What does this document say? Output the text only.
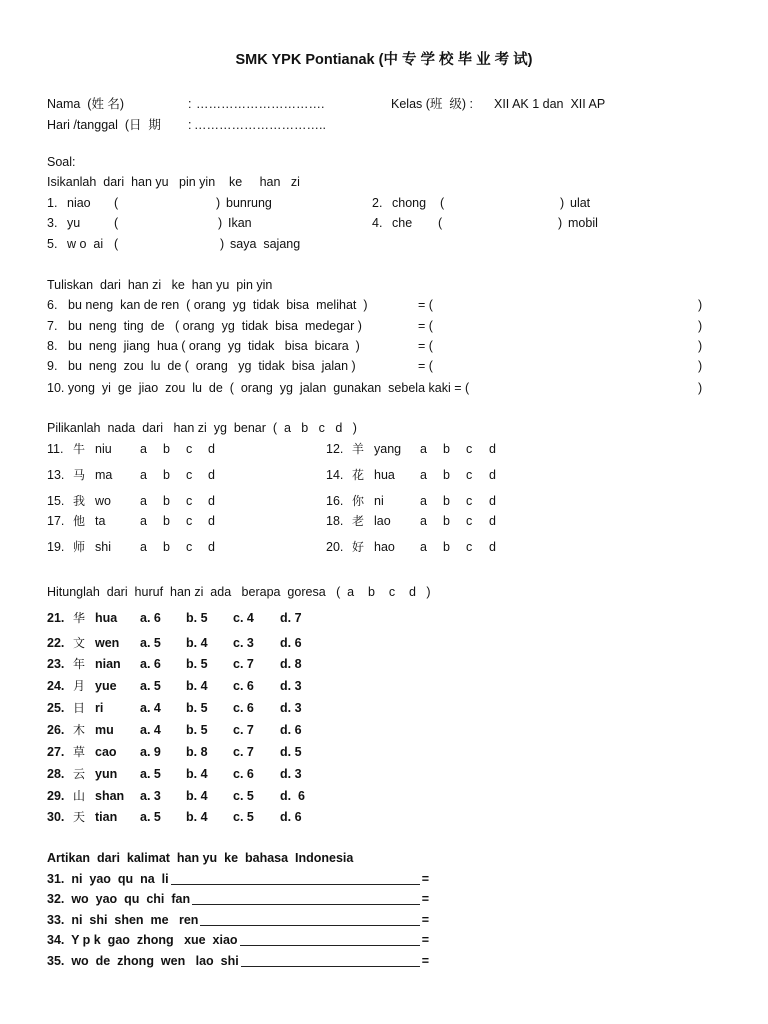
SMK YPK Pontianak (中 专 学 校 毕 业 考 试)
Nama  (姓 名)	: ………………………….	Kelas (班  级) : XII AK 1 dan  XII AP
Hari /tanggal  (日  期 : …………………………..
Soal:
Isikanlah  dari  han yu   pin yin    ke     han   zi
1. niao (	) bunrung	2. chong (	) ulat
3. yu	(	) Ikan	4. che (	) mobil
5. w o  ai (	) saya  sajang
Tuliskan  dari  han zi   ke  han yu  pin yin
6. bu neng  kan de ren  ( orang  yg  tidak  bisa  melihat  )	= (	)
7. bu  neng  ting  de   ( orang  yg  tidak  bisa  medegar )	= (	)
8. bu  neng  jiang  hua ( orang  yg  tidak   bisa  bicara  )	= (	)
9. bu  neng  zou  lu  de (  orang   yg  tidak  bisa  jalan )	= (	)
10. yong  yi  ge  jiao  zou  lu  de  (  orang  yg  jalan  gunakan  sebela kaki = (	)
Pilikanlah  nada  dari   han zi  yg  benar  (  a   b   c   d   )
11. 牛 niu a b c d	12. 羊 yang a b c d
13. 马 ma a b c d	14. 花 hua a b c d
15. 我 wo a b c d	16. 你 ni	a b c d
17. 他 ta	a b c d	18. 老 lao a b c d
19. 师 shi a b c d	20. 好 hao a b c d
Hitunglah  dari  huruf  han zi  ada   berapa  goresa   (  a    b    c    d   )
21. 华 hua a. 6 b. 5 c. 4 d. 7
22. 文 wen a. 5 b. 4 c. 3 d. 6
23. 年 nian a. 6 b. 5 c. 7 d. 8
24. 月 yue a. 5 b. 4 c. 6 d. 3
25. 日 ri	a. 4 b. 5 c. 6 d. 3
26. 木 mu a. 4 b. 5 c. 7 d. 6
27. 草 cao a. 9 b. 8 c. 7 d. 5
28. 云 yun a. 5 b. 4 c. 6 d. 3
29. 山 shan a. 3 b. 4 c. 5 d.  6
30. 天 tian a. 5 b. 4 c. 5 d. 6
Artikan  dari  kalimat  han yu  ke  bahasa  Indonesia
31.  ni  yao  qu  na  li	=
32.  wo  yao  qu  chi  fan	=
33.  ni  shi  shen  me   ren	=
34.  Y p k  gao  zhong   xue  xiao	=
35.  wo  de  zhong  wen   lao  shi	=
